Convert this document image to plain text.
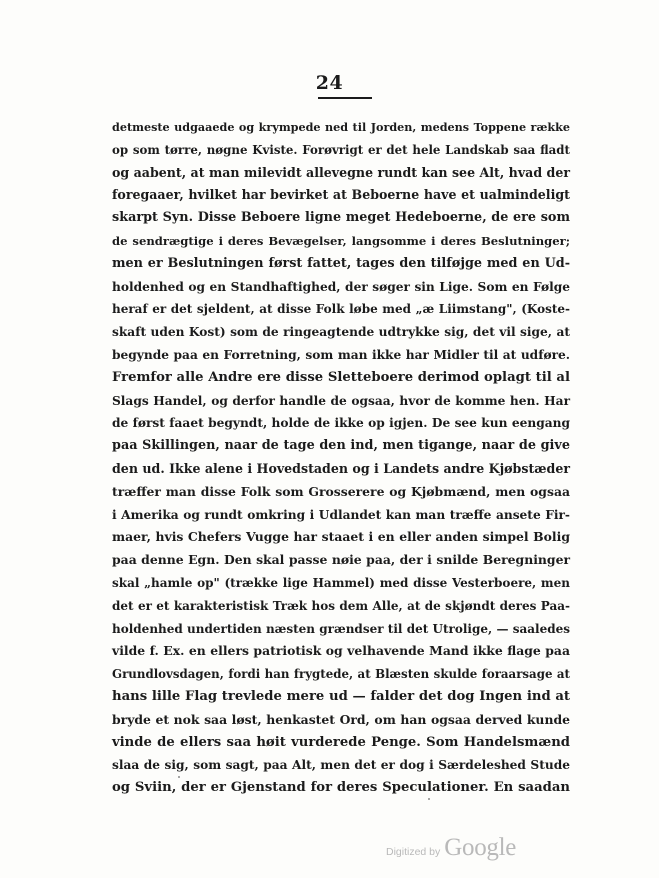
24
detmeste udgaaede og krympede ned til Jorden, medens Toppene række
op som tørre, nøgne Kviste. Forøvrigt er det hele Landskab saa fladt
og aabent, at man milevidt allevegne rundt kan see Alt, hvad der
foregaaer, hvilket har bevirket at Beboerne have et ualmindeligt
skarpt Syn. Disse Beboere ligne meget Hedeboerne, de ere som
de sendrægtige i deres Bevægelser, langsomme i deres Beslutninger;
men er Beslutningen først fattet, tages den tilføjge med en Ud-
holdenhed og en Standhaftighed, der søger sin Lige. Som en Følge
heraf er det sjeldent, at disse Folk løbe med „æ Liimstang", (Koste-
skaft uden Kost) som de ringeagtende udtrykke sig, det vil sige, at
begynde paa en Forretning, som man ikke har Midler til at udføre.
Fremfor alle Andre ere disse Sletteboere derimod oplagt til al
Slags Handel, og derfor handle de ogsaa, hvor de komme hen. Har
de først faaet begyndt, holde de ikke op igjen. De see kun eengang
paa Skillingen, naar de tage den ind, men tigange, naar de give
den ud. Ikke alene i Hovedstaden og i Landets andre Kjøbstæder
træffer man disse Folk som Grosserere og Kjøbmænd, men ogsaa
i Amerika og rundt omkring i Udlandet kan man træffe ansete Fir-
maer, hvis Chefers Vugge har staaet i en eller anden simpel Bolig
paa denne Egn. Den skal passe nøie paa, der i snilde Beregninger
skal „hamle op" (trække lige Hammel) med disse Vesterboere, men
det er et karakteristisk Træk hos dem Alle, at de skjøndt deres Paa-
holdenhed undertiden næsten grændser til det Utrolige, — saaledes
vilde f. Ex. en ellers patriotisk og velhavende Mand ikke flage paa
Grundlovsdagen, fordi han frygtede, at Blæsten skulde foraarsage at
hans lille Flag trevlede mere ud — falder det dog Ingen ind at
bryde et nok saa løst, henkastet Ord, om han ogsaa derved kunde
vinde de ellers saa høit vurderede Penge. Som Handelsmænd
slaa de sig, som sagt, paa Alt, men det er dog i Særdeleshed Stude
og Sviin, der er Gjenstand for deres Speculationer. En saadan
Digitized by Google
